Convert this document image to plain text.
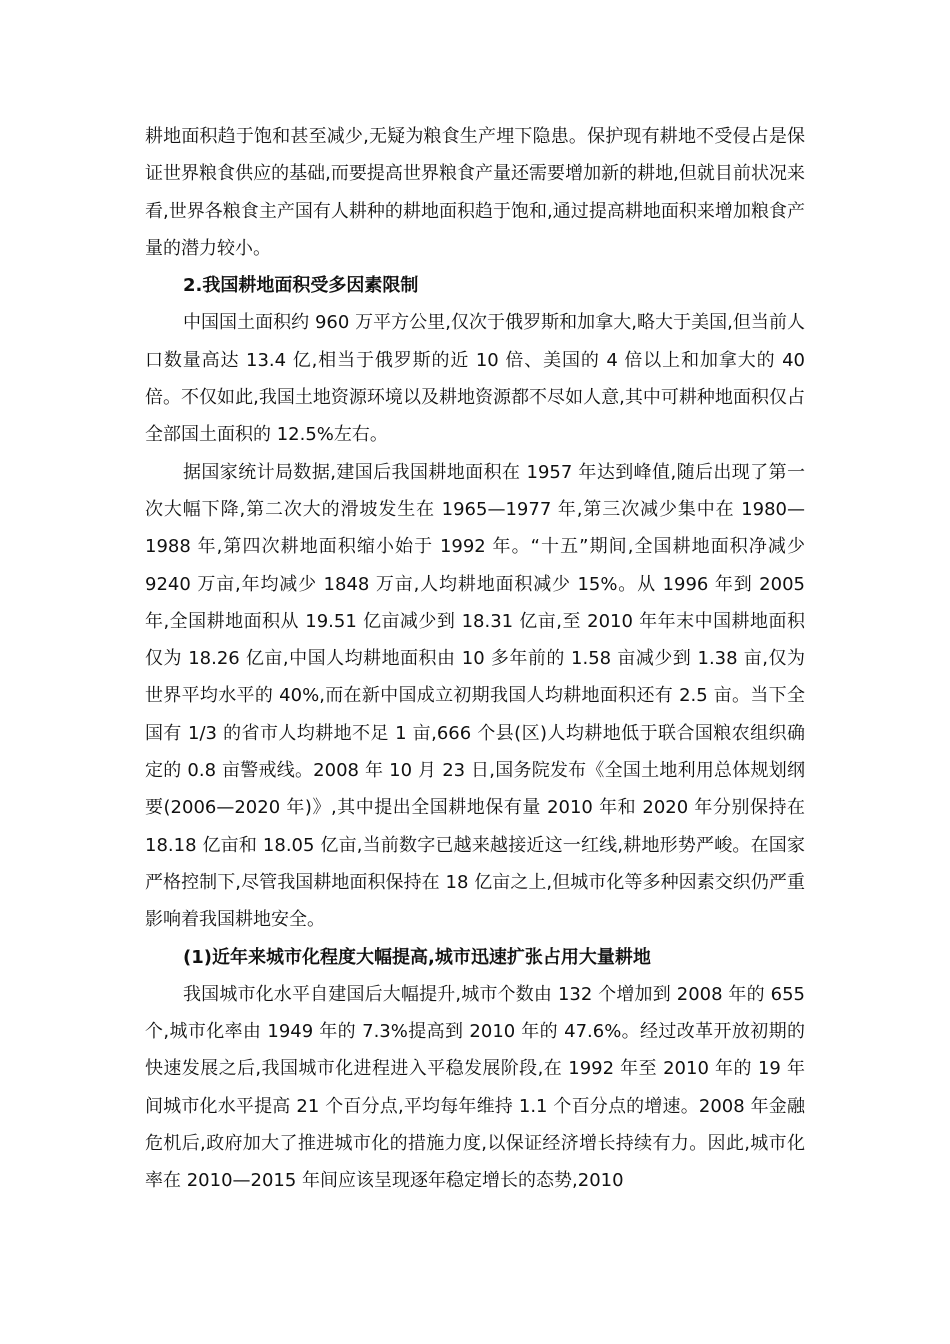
耕地面积趋于饱和甚至减少,无疑为粮食生产埋下隐患。保护现有耕地不受侵占是保证世界粮食供应的基础,而要提高世界粮食产量还需要增加新的耕地,但就目前状况来看,世界各粮食主产国有人耕种的耕地面积趋于饱和,通过提高耕地面积来增加粮食产量的潜力较小。

2.我国耕地面积受多因素限制

中国国土面积约 960 万平方公里,仅次于俄罗斯和加拿大,略大于美国,但当前人口数量高达 13.4 亿,相当于俄罗斯的近 10 倍、美国的 4 倍以上和加拿大的 40 倍。不仅如此,我国土地资源环境以及耕地资源都不尽如人意,其中可耕种地面积仅占全部国土面积的 12.5%左右。

据国家统计局数据,建国后我国耕地面积在 1957 年达到峰值,随后出现了第一次大幅下降,第二次大的滑坡发生在 1965—1977 年,第三次减少集中在 1980—1988 年,第四次耕地面积缩小始于 1992 年。“十五”期间,全国耕地面积净减少 9240 万亩,年均减少 1848 万亩,人均耕地面积减少 15%。从 1996 年到 2005 年,全国耕地面积从 19.51 亿亩减少到 18.31 亿亩,至 2010 年年末中国耕地面积仅为 18.26 亿亩,中国人均耕地面积由 10 多年前的 1.58 亩减少到 1.38 亩,仅为世界平均水平的 40%,而在新中国成立初期我国人均耕地面积还有 2.5 亩。当下全国有 1/3 的省市人均耕地不足 1 亩,666 个县(区)人均耕地低于联合国粮农组织确定的 0.8 亩警戒线。2008 年 10 月 23 日,国务院发布《全国土地利用总体规划纲要(2006—2020 年)》,其中提出全国耕地保有量 2010 年和 2020 年分别保持在 18.18 亿亩和 18.05 亿亩,当前数字已越来越接近这一红线,耕地形势严峻。在国家严格控制下,尽管我国耕地面积保持在 18 亿亩之上,但城市化等多种因素交织仍严重影响着我国耕地安全。

(1)近年来城市化程度大幅提高,城市迅速扩张占用大量耕地

我国城市化水平自建国后大幅提升,城市个数由 132 个增加到 2008 年的 655 个,城市化率由 1949 年的 7.3%提高到 2010 年的 47.6%。经过改革开放初期的快速发展之后,我国城市化进程进入平稳发展阶段,在 1992 年至 2010 年的 19 年间城市化水平提高 21 个百分点,平均每年维持 1.1 个百分点的增速。2008 年金融危机后,政府加大了推进城市化的措施力度,以保证经济增长持续有力。因此,城市化率在 2010—2015 年间应该呈现逐年稳定增长的态势,2010
